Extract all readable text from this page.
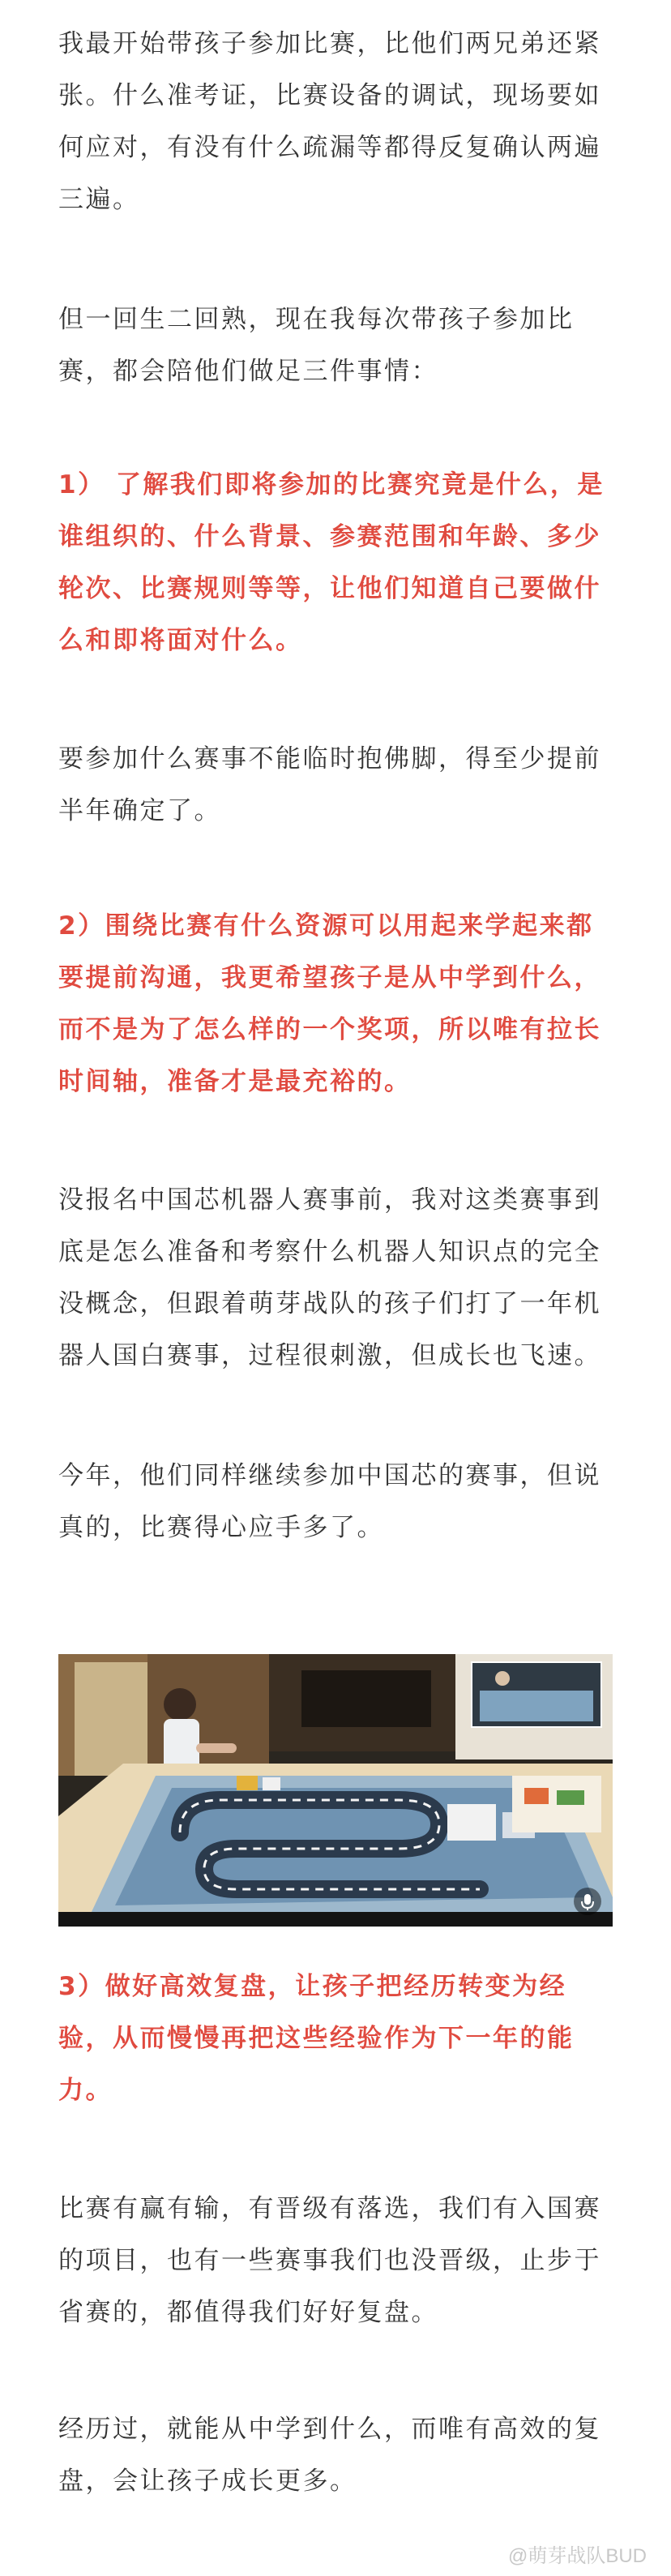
我最开始带孩子参加比赛，比他们两兄弟还紧张。什么准考证，比赛设备的调试，现场要如何应对，有没有什么疏漏等都得反复确认两遍三遍。

但一回生二回熟，现在我每次带孩子参加比赛，都会陪他们做足三件事情：

1） 了解我们即将参加的比赛究竟是什么，是谁组织的、什么背景、参赛范围和年龄、多少轮次、比赛规则等等，让他们知道自己要做什么和即将面对什么。

要参加什么赛事不能临时抱佛脚，得至少提前半年确定了。

2）围绕比赛有什么资源可以用起来学起来都要提前沟通，我更希望孩子是从中学到什么，而不是为了怎么样的一个奖项，所以唯有拉长时间轴，准备才是最充裕的。

没报名中国芯机器人赛事前，我对这类赛事到底是怎么准备和考察什么机器人知识点的完全没概念，但跟着萌芽战队的孩子们打了一年机器人国白赛事，过程很刺激，但成长也飞速。

今年，他们同样继续参加中国芯的赛事，但说真的，比赛得心应手多了。

3）做好高效复盘，让孩子把经历转变为经验，从而慢慢再把这些经验作为下一年的能力。

比赛有赢有输，有晋级有落选，我们有入国赛的项目，也有一些赛事我们也没晋级，止步于省赛的，都值得我们好好复盘。

经历过，就能从中学到什么，而唯有高效的复盘，会让孩子成长更多。

@萌芽战队BUD
